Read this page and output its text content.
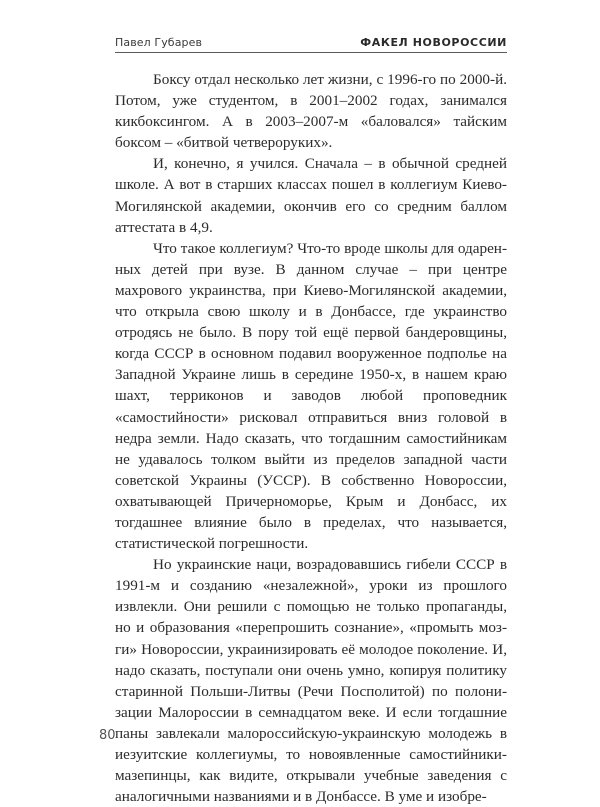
Павел Губарев	ФАКЕЛ НОВОРОССИИ

Боксу отдал несколько лет жизни, с 1996-го по 2000-й. Потом, уже студентом, в 2001–2002 годах, занимался кикбоксингом. А в 2003–2007-м «баловался» тайским боксом – «битвой четвероруких».

И, конечно, я учился. Сначала – в обычной средней школе. А вот в старших классах пошел в коллегиум Киево-Могилянской академии, окончив его со средним баллом аттестата в 4,9.

Что такое коллегиум? Что-то вроде школы для одаренных детей при вузе. В данном случае – при центре махрового украинства, при Киево-Могилянской академии, что открыла свою школу и в Донбассе, где украинство отродясь не было. В пору той ещё первой бандеровщины, когда СССР в основном подавил вооруженное подполье на Западной Украине лишь в середине 1950-х, в нашем краю шахт, терриконов и заводов любой проповедник «самостийности» рисковал отправиться вниз головой в недра земли. Надо сказать, что тогдашним самостийникам не удавалось толком выйти из пределов западной части советской Украины (УССР). В собственно Новороссии, охватывающей Причерноморье, Крым и Донбасс, их тогдашнее влияние было в пределах, что называется, статистической погрешности.

Но украинские наци, возрадовавшись гибели СССР в 1991-м и созданию «незалежной», уроки из прошлого извлекли. Они решили с помощью не только пропаганды, но и образования «перепрошить сознание», «промыть мозги» Новороссии, украинизировать её молодое поколение. И, надо сказать, поступали они очень умно, копируя политику старинной Польши-Литвы (Речи Посполитой) по полонизации Малороссии в семнадцатом веке. И если тогдашние паны завлекали малороссийскую-украинскую молодежь в иезуитские коллегиумы, то новоявленные самостийники-мазепинцы, как видите, открывали учебные заведения с аналогичными названиями и в Донбассе. В уме и изобре-

80
